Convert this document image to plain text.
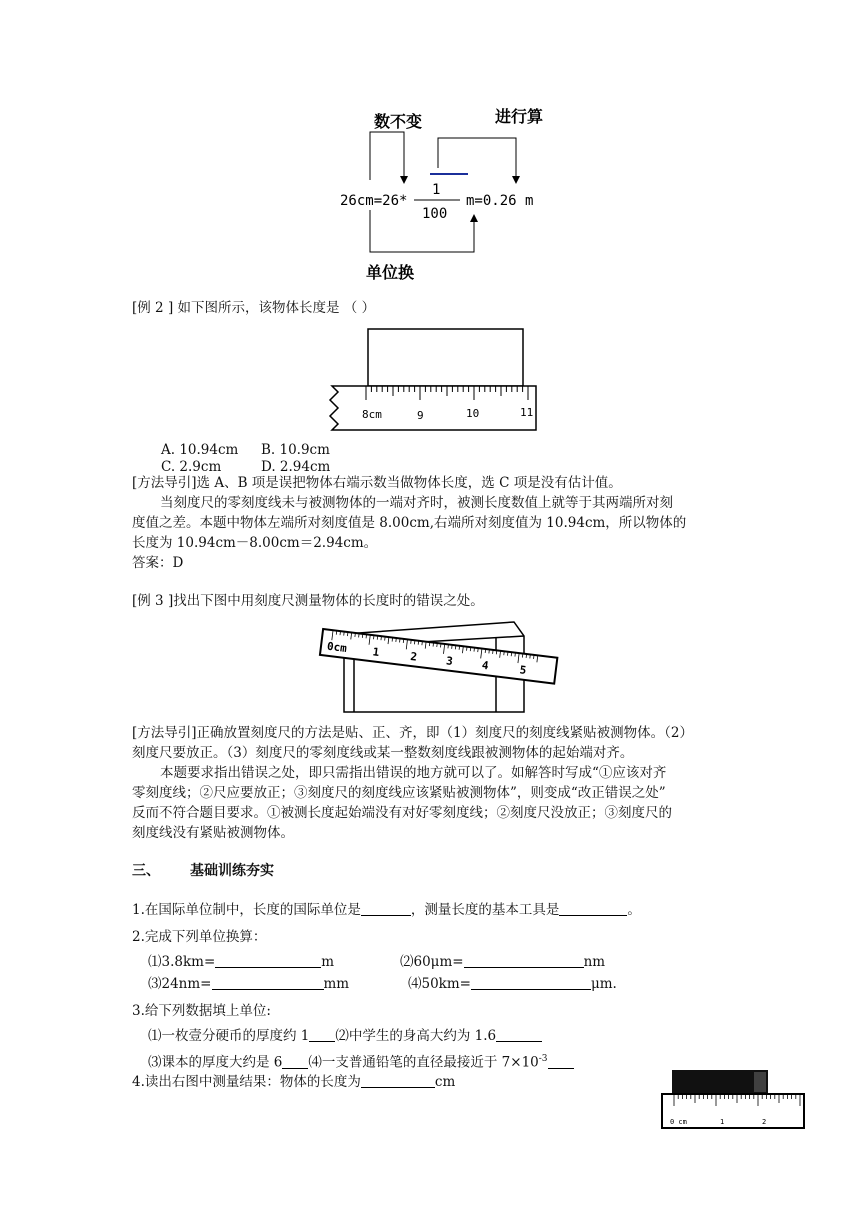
数不变	进行算
26cm=26*
1
100
m=0.26 m
单位换
[例 2 ] 如下图所示，该物体长度是 （ ）
8cm	9	10	11
A. 10.94cm B. 10.9cm
C. 2.9cm	D. 2.94cm
[方法导引]选 A、B 项是误把物体右端示数当做物体长度，选 C 项是没有估计值。
当刻度尺的零刻度线未与被测物体的一端对齐时，被测长度数值上就等于其两端所对刻
度值之差。本题中物体左端所对刻度值是 8.00cm,右端所对刻度值为 10.94cm，所以物体的
长度为 10.94cm－8.00cm＝2.94cm。
答案：D
[例 3 ]找出下图中用刻度尺测量物体的长度时的错误之处。
0cm 1	2	3	4	5
[方法导引]正确放置刻度尺的方法是贴、正、齐，即（1）刻度尺的刻度线紧贴被测物体。（2）
刻度尺要放正。（3）刻度尺的零刻度线或某一整数刻度线跟被测物体的起始端对齐。
本题要求指出错误之处，即只需指出错误的地方就可以了。如解答时写成“①应该对齐
零刻度线；②尺应要放正；③刻度尺的刻度线应该紧贴被测物体”，则变成“改正错误之处”
反而不符合题目要求。①被测长度起始端没有对好零刻度线；②刻度尺没放正；③刻度尺的
刻度线没有紧贴被测物体。
三、 基础训练夯实
1.在国际单位制中，长度的国际单位是	，测量长度的基本工具是	。
2.完成下列单位换算：
⑴3.8km=	m	⑵60μm=	nm
⑶24nm=	mm	⑷50km=	μm.
3.给下列数据填上单位:
⑴一枚壹分硬币的厚度约 1 ⑵中学生的身高大约为 1.6
⑶课本的厚度大约是 6 ⑷一支普通铅笔的直径最接近于 $7\times 10^{-3}$
4.读出右图中测量结果：物体的长度为	cm
0 cm	1	2
